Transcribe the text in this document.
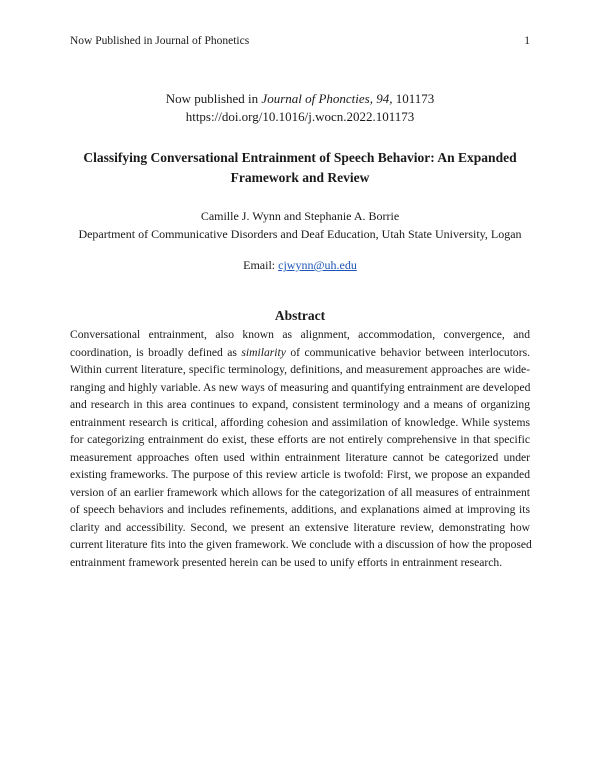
Now Published in Journal of Phonetics	1
Now published in Journal of Phoncties, 94, 101173
https://doi.org/10.1016/j.wocn.2022.101173
Classifying Conversational Entrainment of Speech Behavior: An Expanded
Framework and Review
Camille J. Wynn and Stephanie A. Borrie
Department of Communicative Disorders and Deaf Education, Utah State University, Logan
Email: cjwynn@uh.edu
Abstract
Conversational entrainment, also known as alignment, accommodation, convergence, and
coordination, is broadly defined as similarity of communicative behavior between interlocutors.
Within current literature, specific terminology, definitions, and measurement approaches are wide-
ranging and highly variable. As new ways of measuring and quantifying entrainment are developed
and research in this area continues to expand, consistent terminology and a means of organizing
entrainment research is critical, affording cohesion and assimilation of knowledge. While systems
for categorizing entrainment do exist, these efforts are not entirely comprehensive in that specific
measurement approaches often used within entrainment literature cannot be categorized under
existing frameworks. The purpose of this review article is twofold: First, we propose an expanded
version of an earlier framework which allows for the categorization of all measures of entrainment
of speech behaviors and includes refinements, additions, and explanations aimed at improving its
clarity and accessibility. Second, we present an extensive literature review, demonstrating how
current literature fits into the given framework. We conclude with a discussion of how the proposed
entrainment framework presented herein can be used to unify efforts in entrainment research.
